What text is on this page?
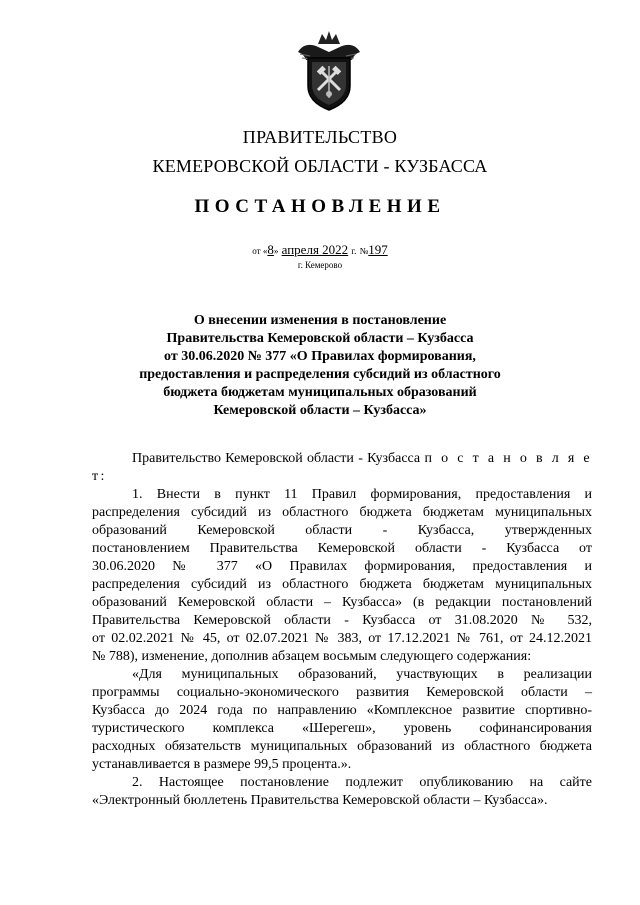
ПРАВИТЕЛЬСТВО
КЕМЕРОВСКОЙ ОБЛАСТИ - КУЗБАССА
ПОСТАНОВЛЕНИЕ
от «8» апреля 2022 г. №197
г. Кемерово
О внесении изменения в постановление
Правительства Кемеровской области – Кузбасса
от 30.06.2020 № 377 «О Правилах формирования,
предоставления и распределения субсидий из областного
бюджета бюджетам муниципальных образований
Кемеровской области – Кузбасса»

Правительство Кемеровской области - Кузбасса п о с т а н о в л я е т:

1. Внести в пункт 11 Правил формирования, предоставления и

распределения субсидий из областного бюджета бюджетам муниципальных

образований Кемеровской области - Кузбасса, утвержденных

постановлением Правительства Кемеровской области - Кузбасса от

30.06.2020 № 377 «О Правилах формирования, предоставления и

распределения субсидий из областного бюджета бюджетам муниципальных

образований Кемеровской области – Кузбасса» (в редакции постановлений

Правительства Кемеровской области - Кузбасса от 31.08.2020 № 532,

от 02.02.2021 № 45, от 02.07.2021 № 383, от 17.12.2021 № 761, от 24.12.2021

№ 788), изменение, дополнив абзацем восьмым следующего содержания:

«Для муниципальных образований, участвующих в реализации

программы социально-экономического развития Кемеровской области –

Кузбасса до 2024 года по направлению «Комплексное развитие спортивно-

туристического комплекса «Шерегеш», уровень софинансирования

расходных обязательств муниципальных образований из областного бюджета

устанавливается в размере 99,5 процента.».

2. Настоящее постановление подлежит опубликованию на сайте

«Электронный бюллетень Правительства Кемеровской области – Кузбасса».
